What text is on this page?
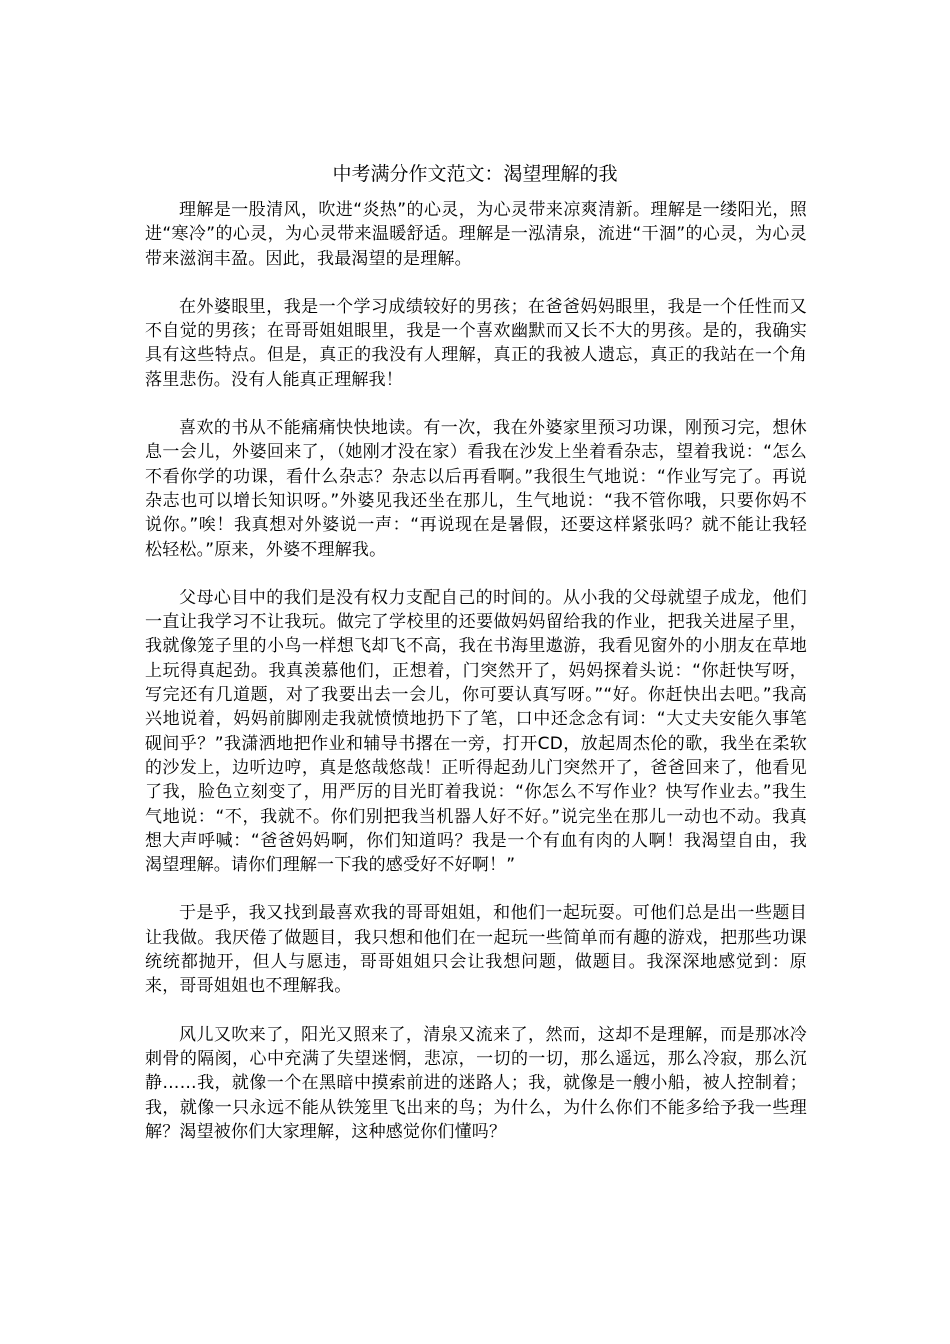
中考满分作文范文：渴望理解的我

理解是一股清风，吹进“炎热”的心灵，为心灵带来凉爽清新。理解是一缕阳光，照进“寒冷”的心灵，为心灵带来温暖舒适。理解是一泓清泉，流进“干涸”的心灵，为心灵带来滋润丰盈。因此，我最渴望的是理解。

在外婆眼里，我是一个学习成绩较好的男孩；在爸爸妈妈眼里，我是一个任性而又不自觉的男孩；在哥哥姐姐眼里，我是一个喜欢幽默而又长不大的男孩。是的，我确实具有这些特点。但是，真正的我没有人理解，真正的我被人遗忘，真正的我站在一个角落里悲伤。没有人能真正理解我！

喜欢的书从不能痛痛快快地读。有一次，我在外婆家里预习功课，刚预习完，想休息一会儿，外婆回来了，（她刚才没在家）看我在沙发上坐着看杂志，望着我说：“怎么不看你学的功课，看什么杂志？杂志以后再看啊。”我很生气地说：“作业写完了。再说杂志也可以增长知识呀。”外婆见我还坐在那儿，生气地说：“我不管你哦，只要你妈不说你。”唉！我真想对外婆说一声：“再说现在是暑假，还要这样紧张吗？就不能让我轻松轻松。”原来，外婆不理解我。

父母心目中的我们是没有权力支配自己的时间的。从小我的父母就望子成龙，他们一直让我学习不让我玩。做完了学校里的还要做妈妈留给我的作业，把我关进屋子里，我就像笼子里的小鸟一样想飞却飞不高，我在书海里遨游，我看见窗外的小朋友在草地上玩得真起劲。我真羡慕他们，正想着，门突然开了，妈妈探着头说：“你赶快写呀，写完还有几道题，对了我要出去一会儿，你可要认真写呀。”“好。你赶快出去吧。”我高兴地说着，妈妈前脚刚走我就愤愤地扔下了笔，口中还念念有词：“大丈夫安能久事笔砚间乎？”我潇洒地把作业和辅导书撂在一旁，打开CD，放起周杰伦的歌，我坐在柔软的沙发上，边听边哼，真是悠哉悠哉！正听得起劲儿门突然开了，爸爸回来了，他看见了我，脸色立刻变了，用严厉的目光盯着我说：“你怎么不写作业？快写作业去。”我生气地说：“不，我就不。你们别把我当机器人好不好。”说完坐在那儿一动也不动。我真想大声呼喊：“爸爸妈妈啊，你们知道吗？我是一个有血有肉的人啊！我渴望自由，我渴望理解。请你们理解一下我的感受好不好啊！”

于是乎，我又找到最喜欢我的哥哥姐姐，和他们一起玩耍。可他们总是出一些题目让我做。我厌倦了做题目，我只想和他们在一起玩一些简单而有趣的游戏，把那些功课统统都抛开，但人与愿违，哥哥姐姐只会让我想问题，做题目。我深深地感觉到：原来，哥哥姐姐也不理解我。

风儿又吹来了，阳光又照来了，清泉又流来了，然而，这却不是理解，而是那冰冷刺骨的隔阂，心中充满了失望迷惘，悲凉，一切的一切，那么遥远，那么冷寂，那么沉静……我，就像一个在黑暗中摸索前进的迷路人；我，就像是一艘小船，被人控制着；我，就像一只永远不能从铁笼里飞出来的鸟；为什么，为什么你们不能多给予我一些理解？渴望被你们大家理解，这种感觉你们懂吗？
